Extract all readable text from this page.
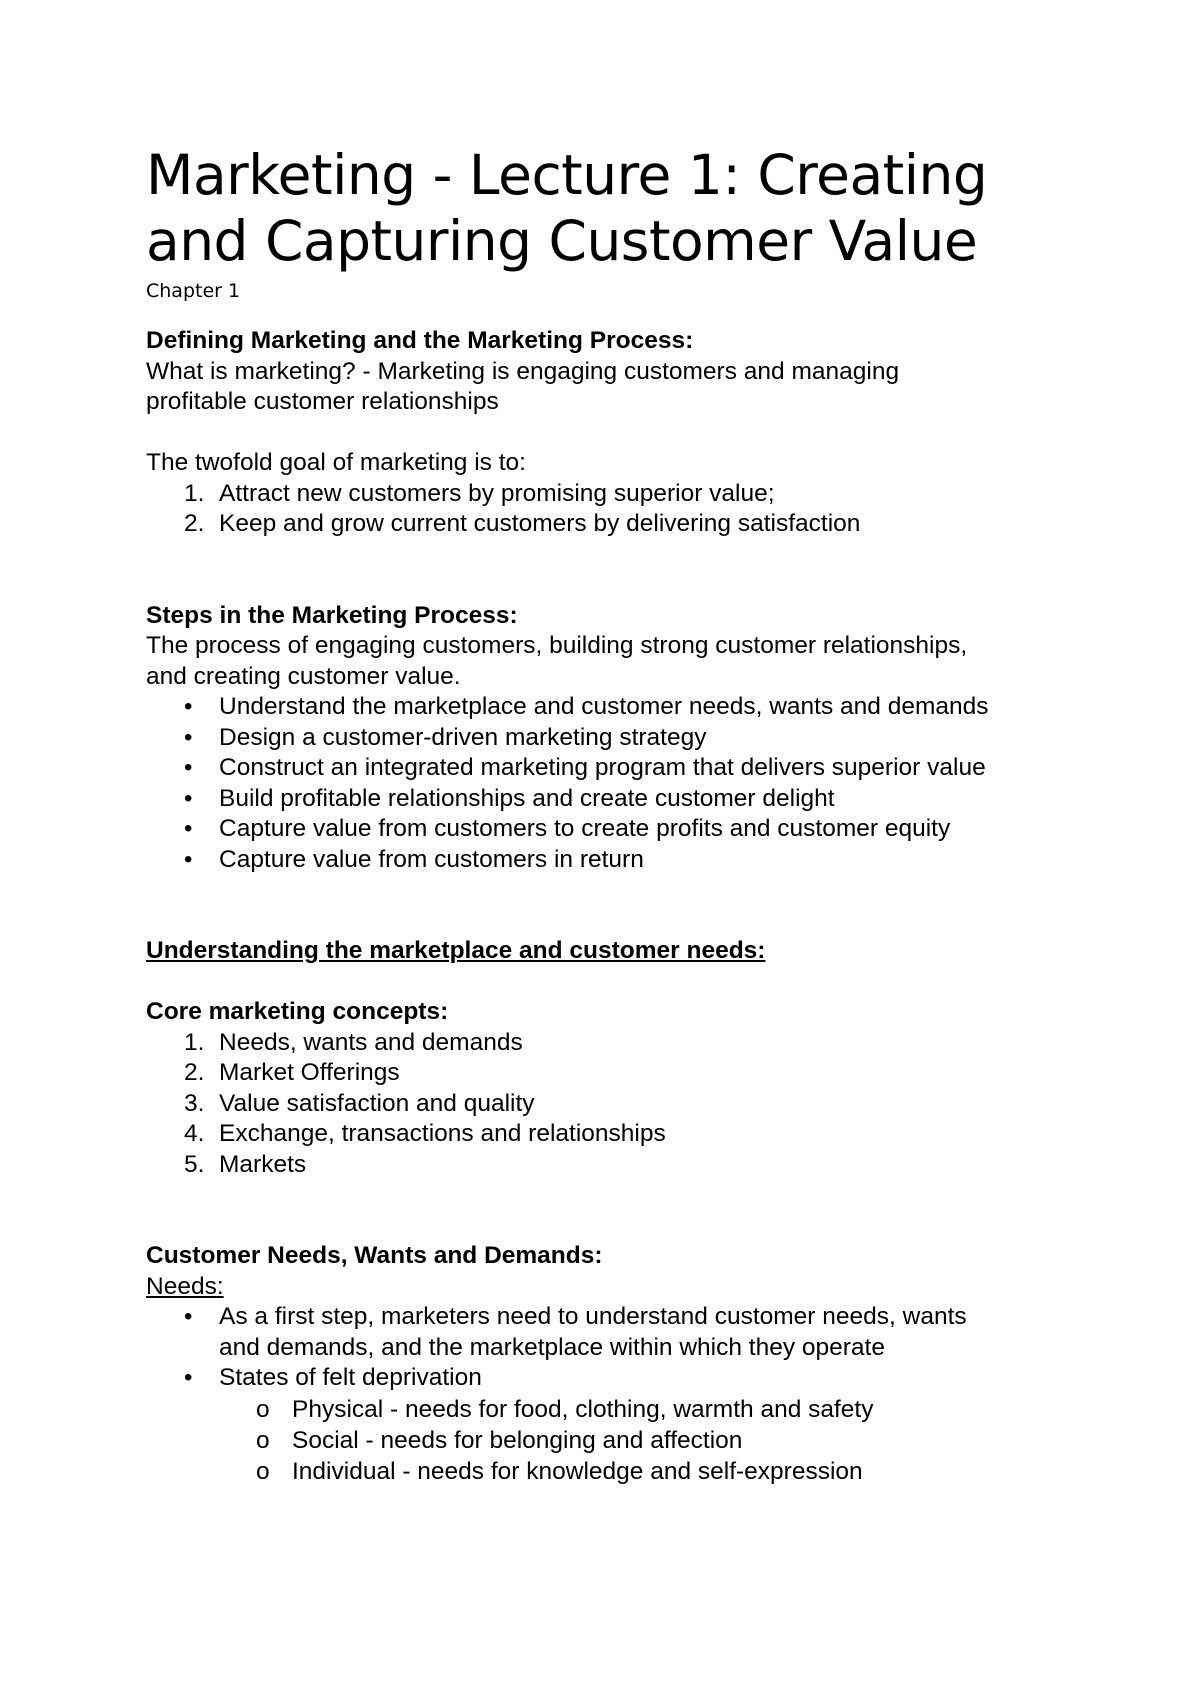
Marketing - Lecture 1: Creating and Capturing Customer Value
Chapter 1

Defining Marketing and the Marketing Process:

What is marketing? - Marketing is engaging customers and managing

profitable customer relationships

The twofold goal of marketing is to:

1. Attract new customers by promising superior value;
2. Keep and grow current customers by delivering satisfaction

Steps in the Marketing Process:

The process of engaging customers, building strong customer relationships,

and creating customer value.

• Understand the marketplace and customer needs, wants and demands
• Design a customer-driven marketing strategy
• Construct an integrated marketing program that delivers superior value
• Build profitable relationships and create customer delight
• Capture value from customers to create profits and customer equity
• Capture value from customers in return

Understanding the marketplace and customer needs:

Core marketing concepts:

1. Needs, wants and demands
2. Market Offerings
3. Value satisfaction and quality
4. Exchange, transactions and relationships
5. Markets

Customer Needs, Wants and Demands:

Needs:

• As a first step, marketers need to understand customer needs, wants
and demands, and the marketplace within which they operate
• States of felt deprivation
o Physical - needs for food, clothing, warmth and safety
o Social - needs for belonging and affection
o Individual - needs for knowledge and self-expression
